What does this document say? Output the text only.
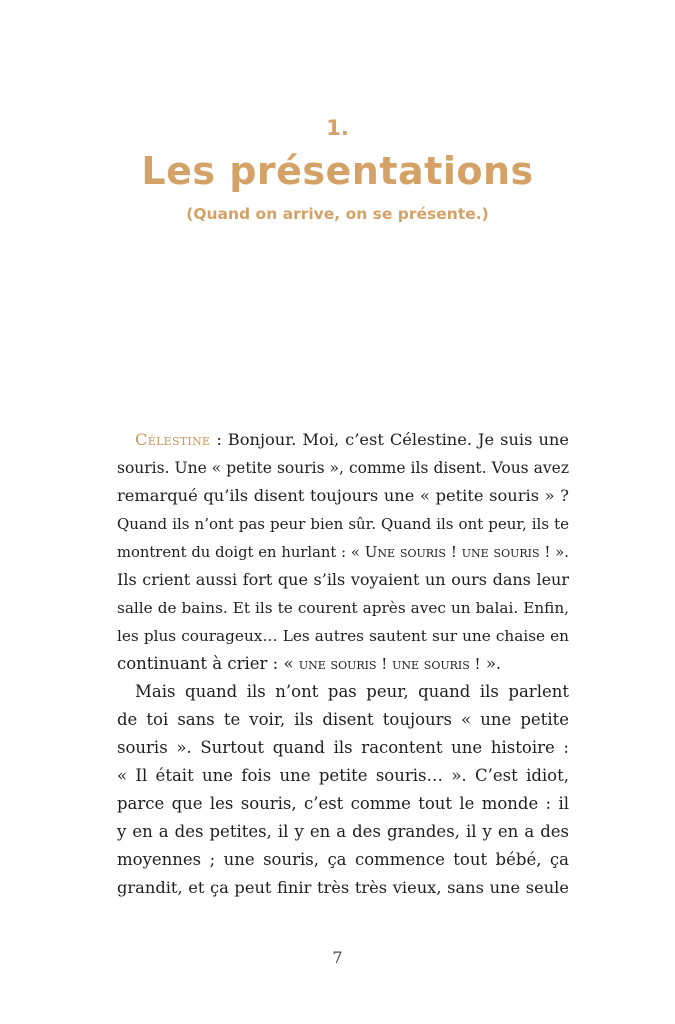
1.
Les présentations
(Quand on arrive, on se présente.)
Célestine : Bonjour. Moi, c’est Célestine. Je suis une
souris. Une « petite souris », comme ils disent. Vous avez
remarqué qu’ils disent toujours une « petite souris » ?
Quand ils n’ont pas peur bien sûr. Quand ils ont peur, ils te
montrent du doigt en hurlant : « Une souris ! une souris ! ».
Ils crient aussi fort que s’ils voyaient un ours dans leur
salle de bains. Et ils te courent après avec un balai. Enfin,
les plus courageux… Les autres sautent sur une chaise en
continuant à crier : « une souris ! une souris ! ».
Mais quand ils n’ont pas peur, quand ils parlent
de toi sans te voir, ils disent toujours « une petite
souris ». Surtout quand ils racontent une histoire :
« Il était une fois une petite souris… ». C’est idiot,
parce que les souris, c’est comme tout le monde : il
y en a des petites, il y en a des grandes, il y en a des
moyennes ; une souris, ça commence tout bébé, ça
grandit, et ça peut finir très très vieux, sans une seule
7
